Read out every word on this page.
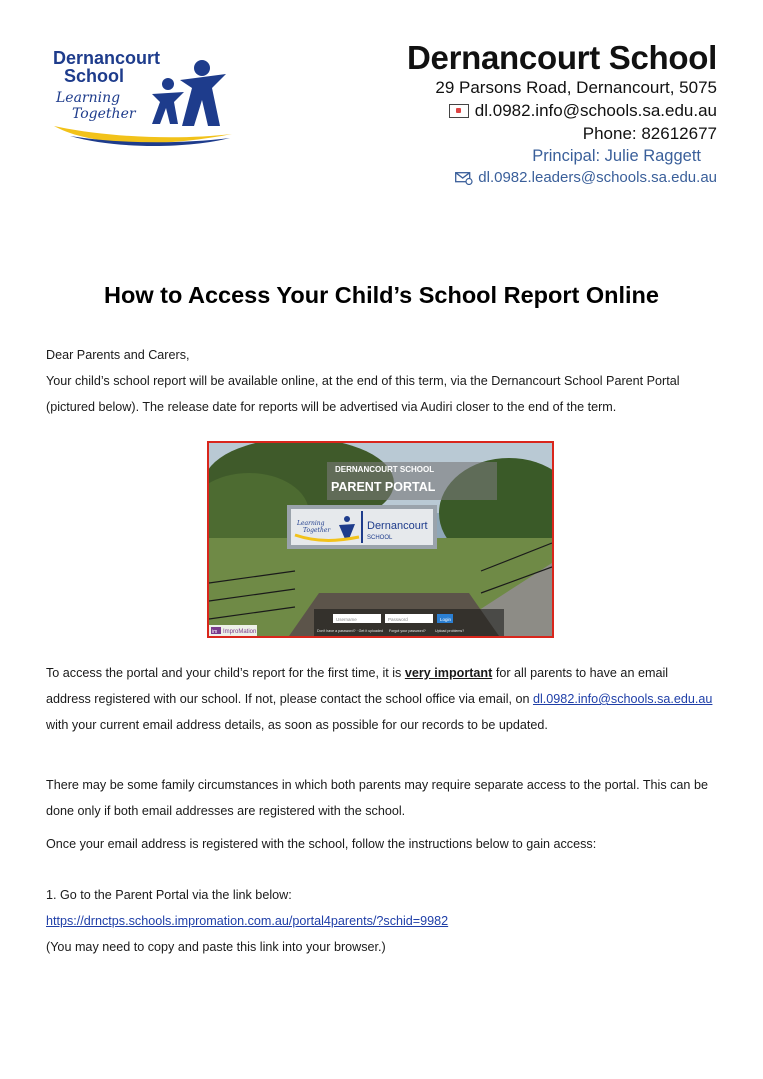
Dernancourt
School
Learning
Together
Dernancourt School
29 Parsons Road, Dernancourt, 5075
dl.0982.info@schools.sa.edu.au
Phone: 82612677
Principal: Julie Raggett
dl.0982.leaders@schools.sa.edu.au
How to Access Your Child’s School Report Online
Dear Parents and Carers,
Your child’s school report will be available online, at the end of this term, via the Dernancourt School Parent Portal (pictured below). The release date for reports will be advertised via Audiri closer to the end of the term.
Learning
Together	Dernancourt
SCHOOL
DERNANCOURT SCHOOL
PARENT PORTAL
Username	Password	Login
Don't have a password? · Get it uploaded Forgot your password?	Upload problems?
im ImproMation
To access the portal and your child’s report for the first time, it is very important for all parents to have an email address registered with our school. If not, please contact the school office via email, on dl.0982.info@schools.sa.edu.au with your current email address details, as soon as possible for our records to be updated.
There may be some family circumstances in which both parents may require separate access to the portal. This can be done only if both email addresses are registered with the school.
Once your email address is registered with the school, follow the instructions below to gain access:
1. Go to the Parent Portal via the link below:
https://drnctps.schools.impromation.com.au/portal4parents/?schid=9982
(You may need to copy and paste this link into your browser.)
